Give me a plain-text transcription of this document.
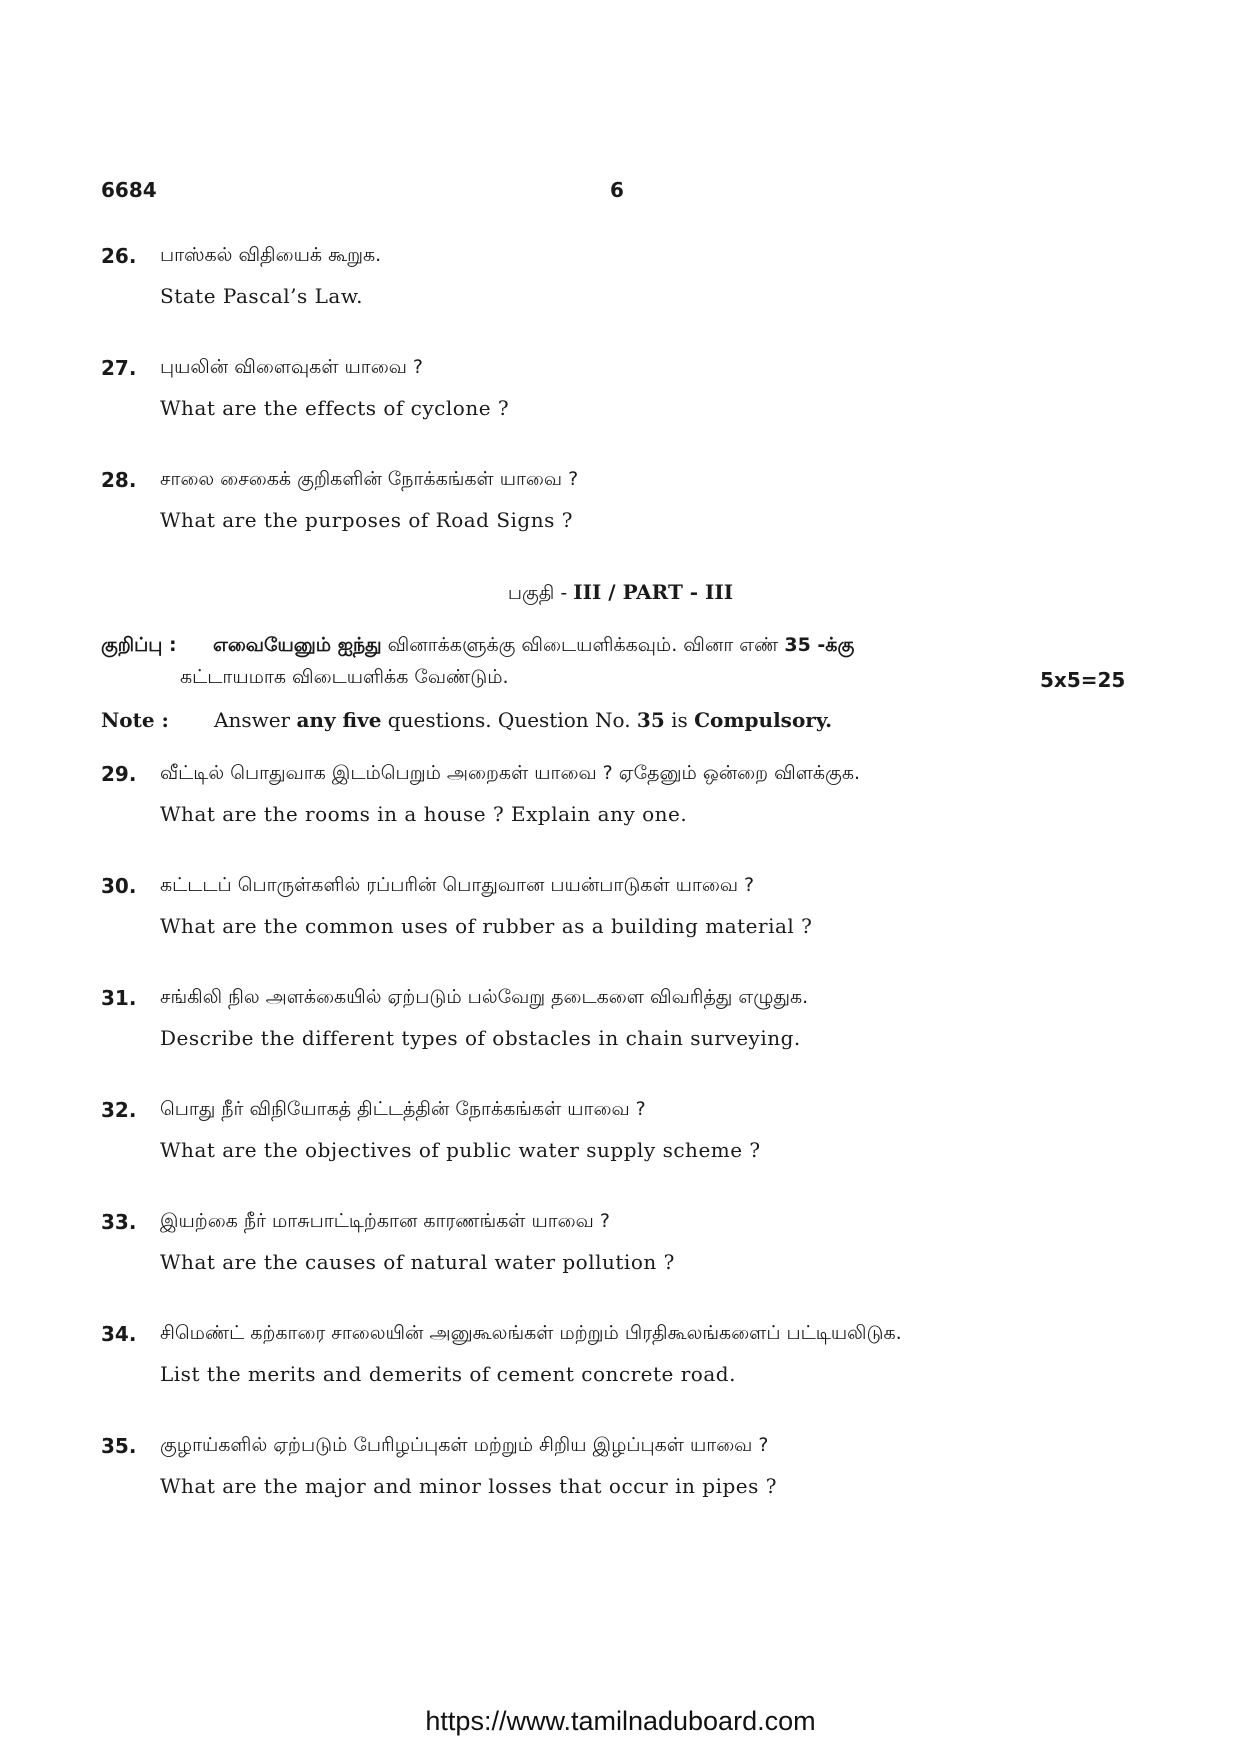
6684	6
26. பாஸ்கல் விதியைக் கூறுக.
State Pascal’s Law.
27. புயலின் விளைவுகள் யாவை ?
What are the effects of cyclone ?
28. சாலை சைகைக் குறிகளின் நோக்கங்கள் யாவை ?
What are the purposes of Road Signs ?
பகுதி - III / PART - III
குறிப்பு : எவையேனும் ஐந்து வினாக்களுக்கு விடையளிக்கவும். வினா எண் 35 -க்கு
கட்டாயமாக விடையளிக்க வேண்டும்.	5x5=25
Note : Answer any five questions. Question No. 35 is Compulsory.
29. வீட்டில் பொதுவாக இடம்பெறும் அறைகள் யாவை ? ஏதேனும் ஒன்றை விளக்குக.
What are the rooms in a house ? Explain any one.
30. கட்டடப் பொருள்களில் ரப்பரின் பொதுவான பயன்பாடுகள் யாவை ?
What are the common uses of rubber as a building material ?
31. சங்கிலி நில அளக்கையில் ஏற்படும் பல்வேறு தடைகளை விவரித்து எழுதுக.
Describe the different types of obstacles in chain surveying.
32. பொது நீர் விநியோகத் திட்டத்தின் நோக்கங்கள் யாவை ?
What are the objectives of public water supply scheme ?
33. இயற்கை நீர் மாசுபாட்டிற்கான காரணங்கள் யாவை ?
What are the causes of natural water pollution ?
34. சிமெண்ட் கற்காரை சாலையின் அனுகூலங்கள் மற்றும் பிரதிகூலங்களைப் பட்டியலிடுக.
List the merits and demerits of cement concrete road.
35. குழாய்களில் ஏற்படும் பேரிழப்புகள் மற்றும் சிறிய இழப்புகள் யாவை ?
What are the major and minor losses that occur in pipes ?
https://www.tamilnaduboard.com
